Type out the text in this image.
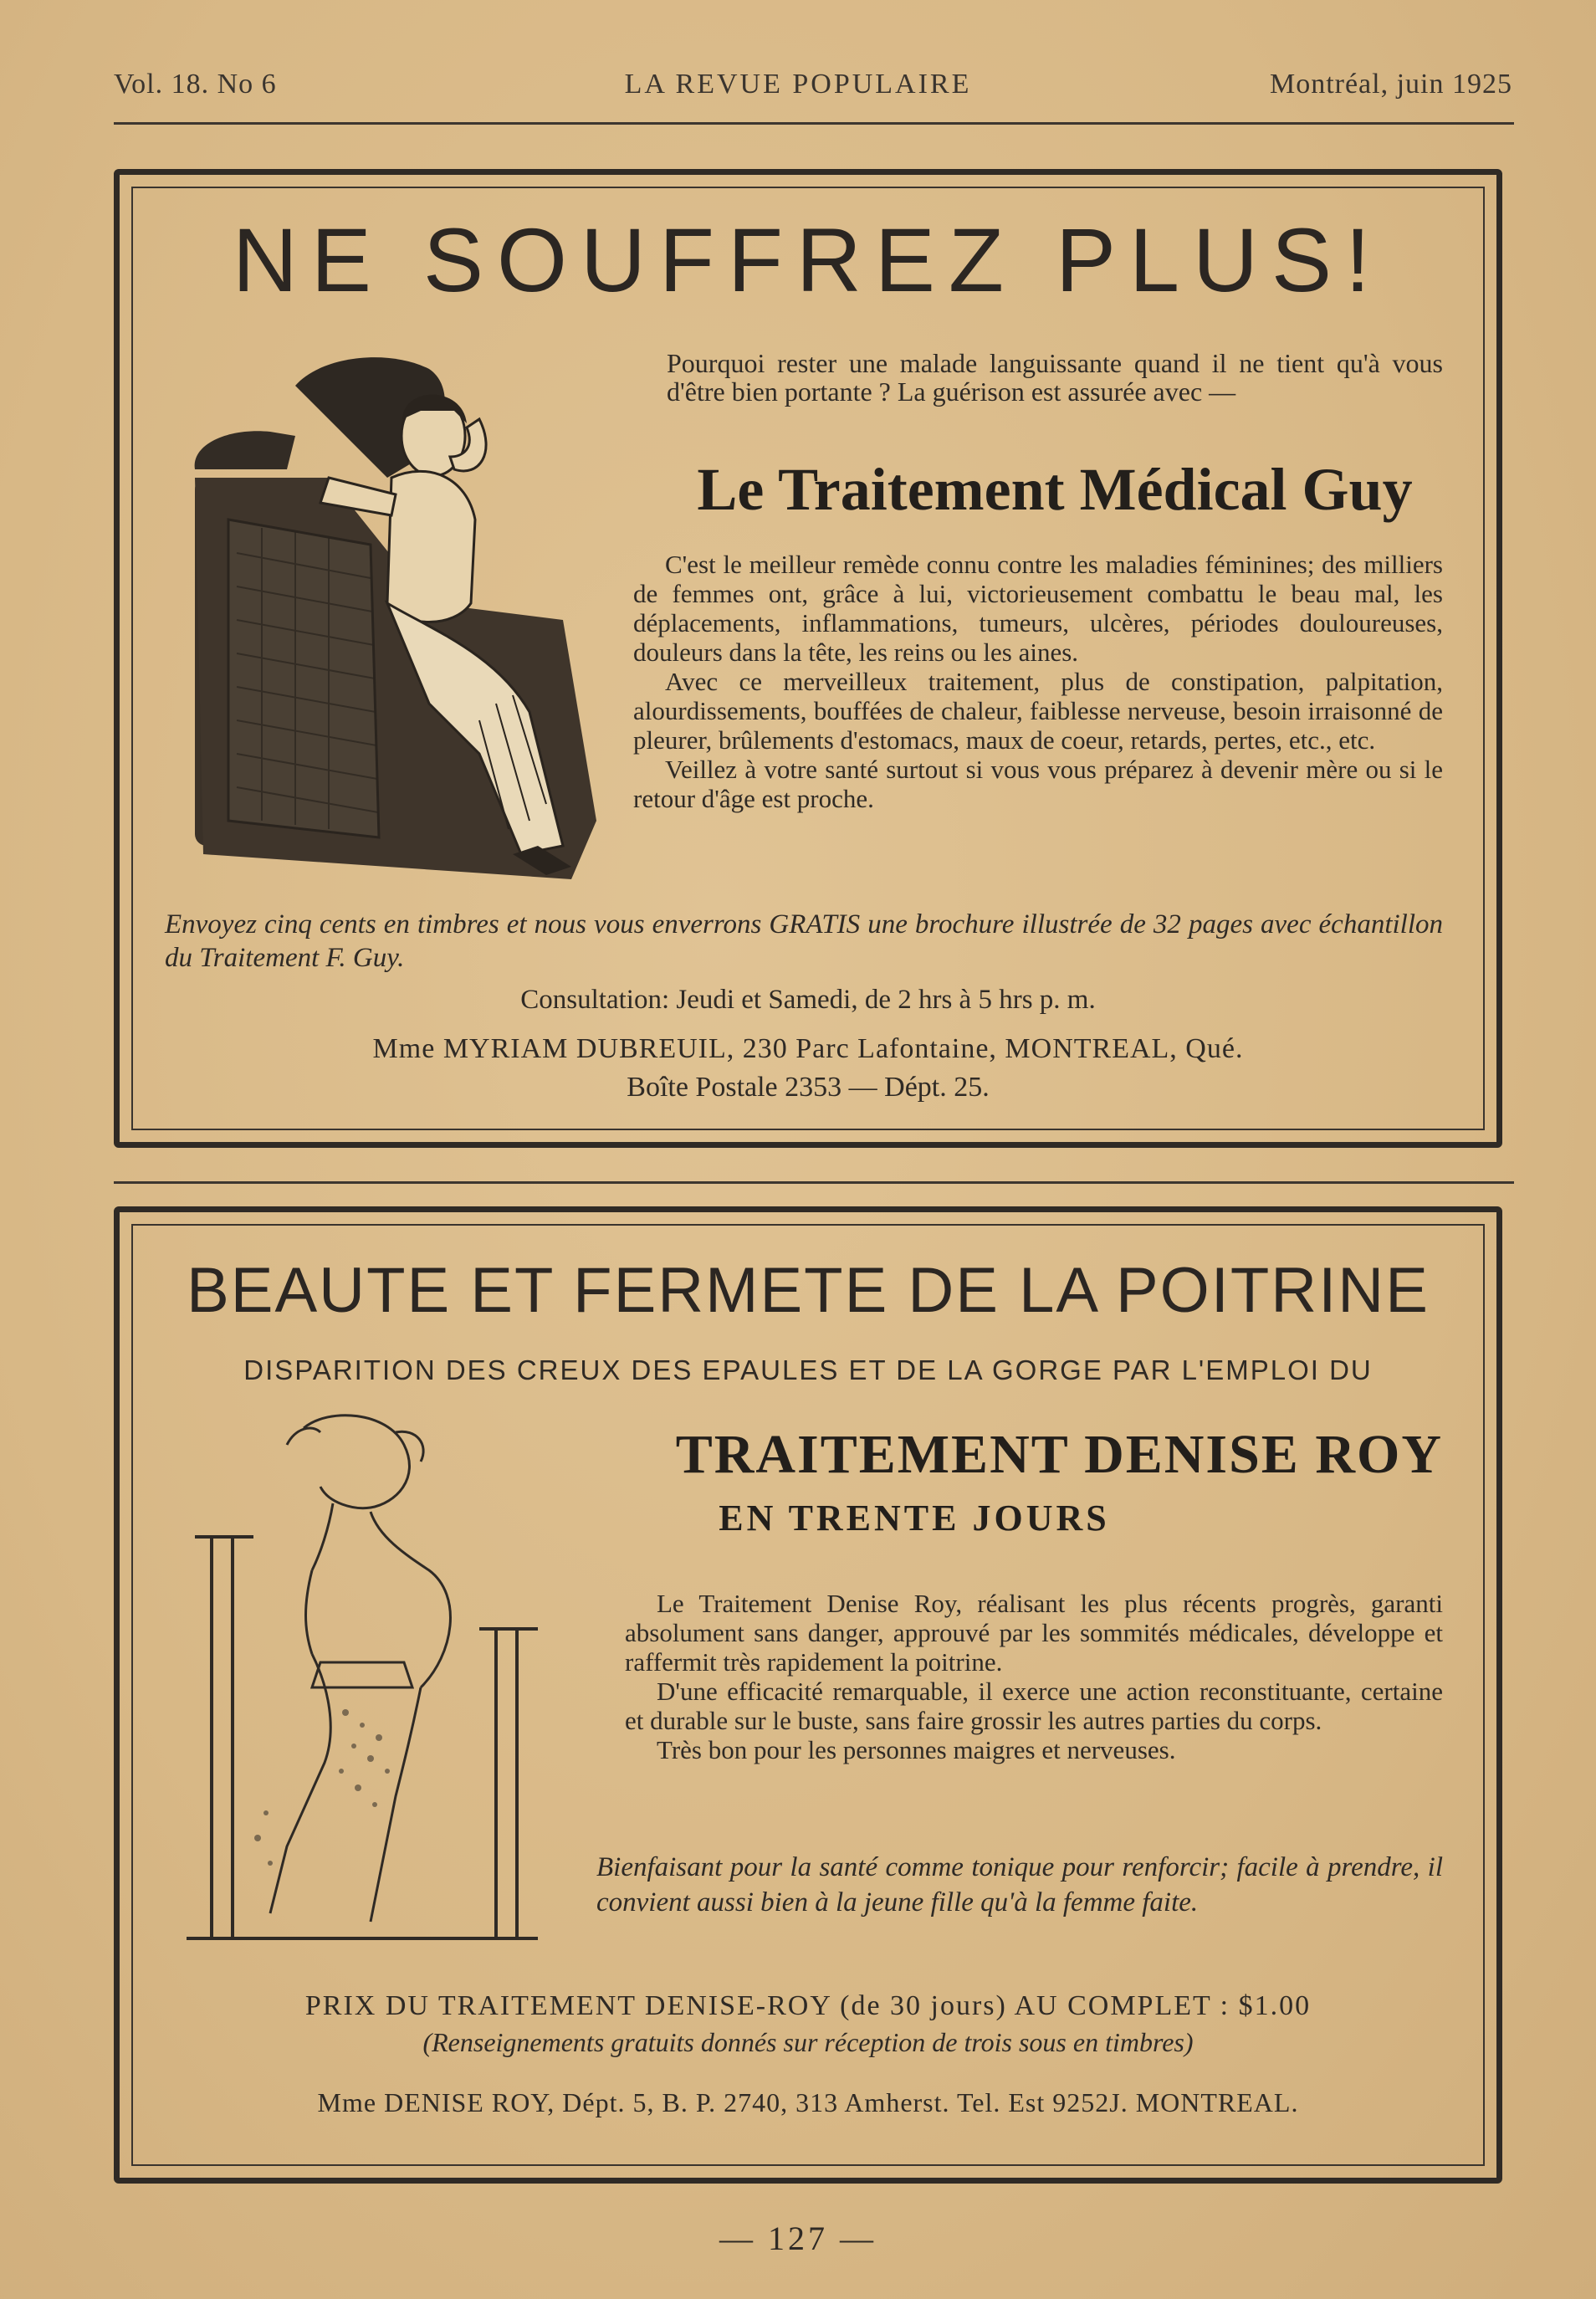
Vol. 18. No 6	LA REVUE POPULAIRE	Montréal, juin 1925
NE SOUFFREZ PLUS!
Pourquoi rester une malade languissante quand il ne tient qu'à vous d'être bien portante ? La guérison est assurée avec —
Le Traitement Médical Guy

C'est le meilleur remède connu contre les maladies féminines; des milliers de femmes ont, grâce à lui, victorieusement combattu le beau mal, les déplacements, inflammations, tumeurs, ulcères, périodes douloureuses, douleurs dans la tête, les reins ou les aines.

Avec ce merveilleux traitement, plus de constipation, palpitation, alourdissements, bouffées de chaleur, faiblesse nerveuse, besoin irraisonné de pleurer, brûlements d'estomacs, maux de coeur, retards, pertes, etc., etc.

Veillez à votre santé surtout si vous vous préparez à devenir mère ou si le retour d'âge est proche.

Envoyez cinq cents en timbres et nous vous enverrons GRATIS une brochure illustrée de 32 pages avec échantillon du Traitement F. Guy.
Consultation: Jeudi et Samedi, de 2 hrs à 5 hrs p. m.
Mme MYRIAM DUBREUIL, 230 Parc Lafontaine, MONTREAL, Qué.
Boîte Postale 2353 — Dépt. 25.
BEAUTE ET FERMETE DE LA POITRINE
DISPARITION DES CREUX DES EPAULES ET DE LA GORGE PAR L'EMPLOI DU
TRAITEMENT DENISE ROY
EN TRENTE JOURS

Le Traitement Denise Roy, réalisant les plus récents progrès, garanti absolument sans danger, approuvé par les sommités médicales, développe et raffermit très rapidement la poitrine.

D'une efficacité remarquable, il exerce une action reconstituante, certaine et durable sur le buste, sans faire grossir les autres parties du corps.

Très bon pour les personnes maigres et nerveuses.

Bienfaisant pour la santé comme tonique pour renforcir; facile à prendre, il convient aussi bien à la jeune fille qu'à la femme faite.
PRIX DU TRAITEMENT DENISE-ROY (de 30 jours) AU COMPLET : $1.00
(Renseignements gratuits donnés sur réception de trois sous en timbres)
Mme DENISE ROY, Dépt. 5, B. P. 2740, 313 Amherst. Tel. Est 9252J. MONTREAL.
— 127 —
